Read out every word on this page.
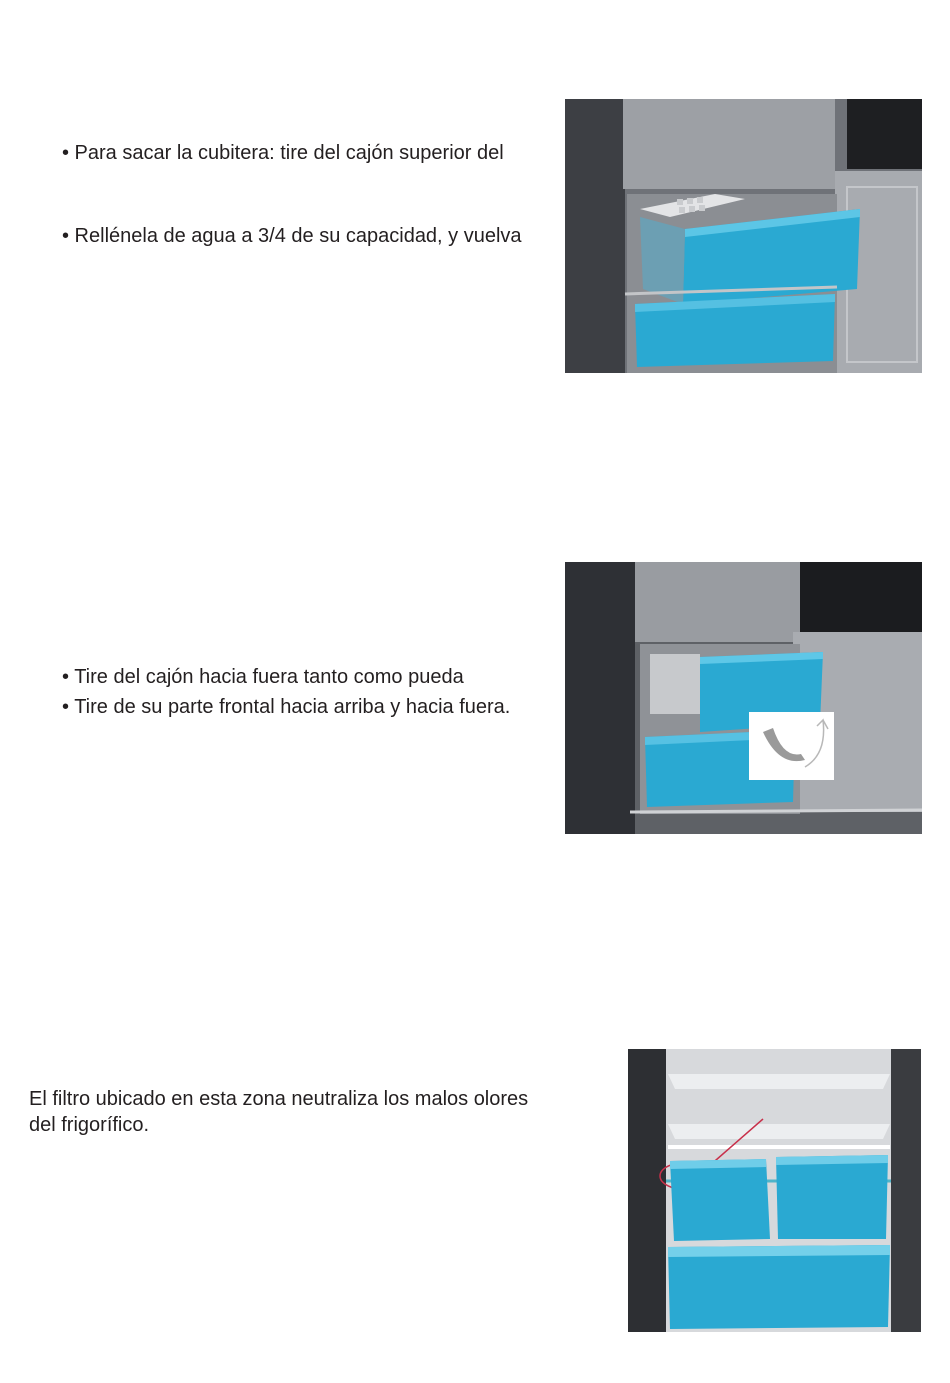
• Para sacar la cubitera: tire del cajón superior del
• Rellénela de agua a 3/4 de su capacidad, y vuelva
• Tire del cajón hacia fuera tanto como pueda
• Tire de su parte frontal hacia arriba y hacia fuera.
El filtro ubicado en esta zona neutraliza los malos olores
del frigorífico.
